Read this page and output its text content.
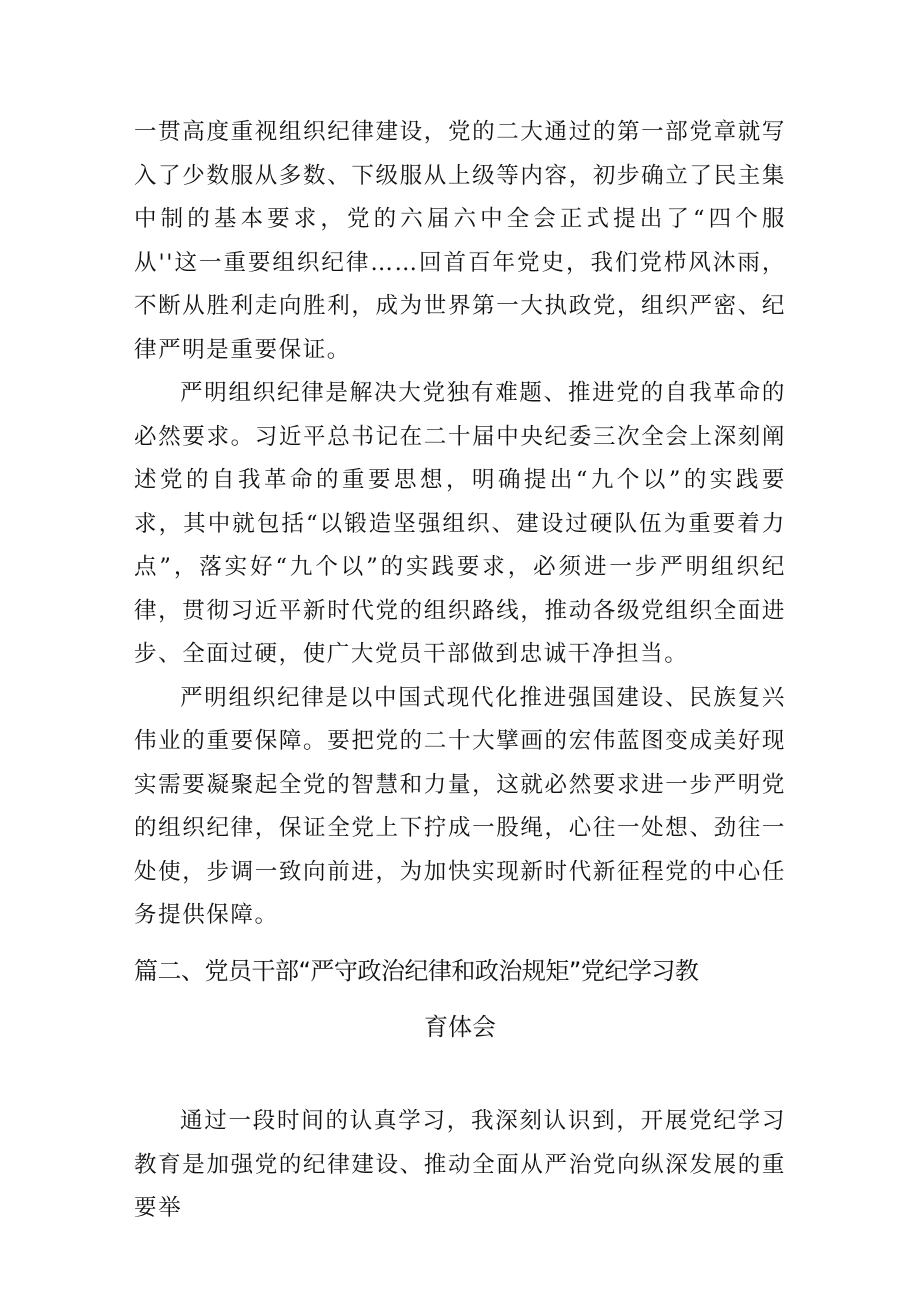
一贯高度重视组织纪律建设，党的二大通过的第一部党章就写入了少数服从多数、下级服从上级等内容，初步确立了民主集中制的基本要求，党的六届六中全会正式提出了“四个服从''这一重要组织纪律……回首百年党史，我们党栉风沐雨，不断从胜利走向胜利，成为世界第一大执政党，组织严密、纪律严明是重要保证。

严明组织纪律是解决大党独有难题、推进党的自我革命的必然要求。习近平总书记在二十届中央纪委三次全会上深刻阐述党的自我革命的重要思想，明确提出“九个以”的实践要求，其中就包括“以锻造坚强组织、建设过硬队伍为重要着力点”，落实好“九个以”的实践要求，必须进一步严明组织纪律，贯彻习近平新时代党的组织路线，推动各级党组织全面进步、全面过硬，使广大党员干部做到忠诚干净担当。

严明组织纪律是以中国式现代化推进强国建设、民族复兴伟业的重要保障。要把党的二十大擘画的宏伟蓝图变成美好现实需要凝聚起全党的智慧和力量，这就必然要求进一步严明党的组织纪律，保证全党上下拧成一股绳，心往一处想、劲往一处使，步调一致向前进，为加快实现新时代新征程党的中心任务提供保障。

篇二、党员干部“严守政治纪律和政治规矩”党纪学习教
育体会

通过一段时间的认真学习，我深刻认识到，开展党纪学习教育是加强党的纪律建设、推动全面从严治党向纵深发展的重要举
